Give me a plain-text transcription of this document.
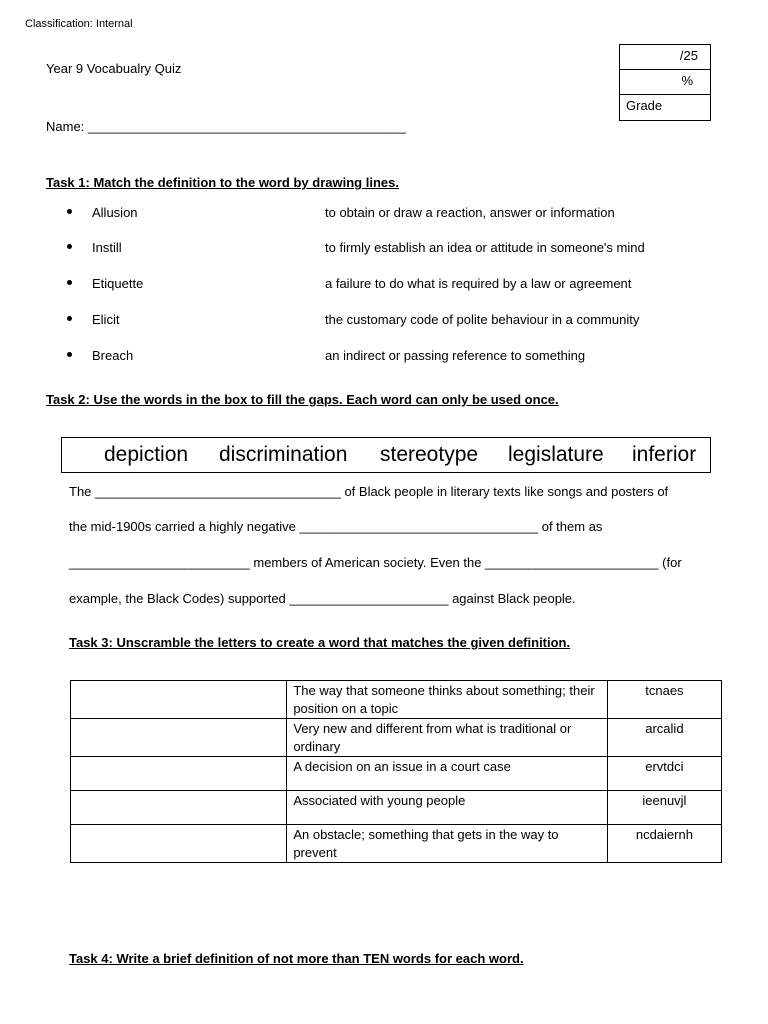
Classification: Internal
Year 9 Vocabualry Quiz
Name: ____________________________________________
/25
%
Grade
Task 1: Match the definition to the word by drawing lines.
Allusion	to obtain or draw a reaction, answer or information
Instill	to firmly establish an idea or attitude in someone's mind
Etiquette	a failure to do what is required by a law or agreement
Elicit	the customary code of polite behaviour in a community
Breach	an indirect or passing reference to something
Task 2: Use the words in the box to fill the gaps. Each word can only be used once.
depiction discrimination stereotype legislature inferior
The __________________________________ of Black people in literary texts like songs and posters of
the mid-1900s carried a highly negative _________________________________ of them as
_________________________ members of American society. Even the ________________________ (for
example, the Black Codes) supported ______________________ against Black people.
Task 3: Unscramble the letters to create a word that matches the given definition.
	The way that someone thinks about something; their position on a topic	tcnaes
	Very new and different from what is traditional or ordinary	arcalid
	A decision on an issue in a court case	ervtdci
	Associated with young people	ieenuvjl
	An obstacle; something that gets in the way to prevent	ncdaiernh
Task 4: Write a brief definition of not more than TEN words for each word.
